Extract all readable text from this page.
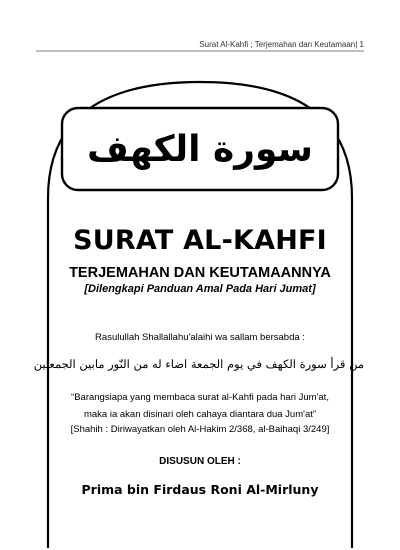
Surat Al-Kahfi ; Terjemahan dan Keutamaan| 1
سورة الكهف
SURAT AL-KAHFI
TERJEMAHAN DAN KEUTAMAANNYA
[Dilengkapi Panduan Amal Pada Hari Jumat]
Rasulullah Shallallahu'alaihi wa sallam bersabda :
من قرأ سورة الكهف في يوم الجمعة اضاء له من النّور مابين الجمعتين
“Barangsiapa yang membaca surat al-Kahfi pada hari Jum'at,
maka ia akan disinari oleh cahaya diantara dua Jum'at”
[Shahih : Diriwayatkan oleh Al-Hakim 2/368, al-Baihaqi 3/249]
DISUSUN OLEH :
Prima bin Firdaus Roni Al-Mirluny
